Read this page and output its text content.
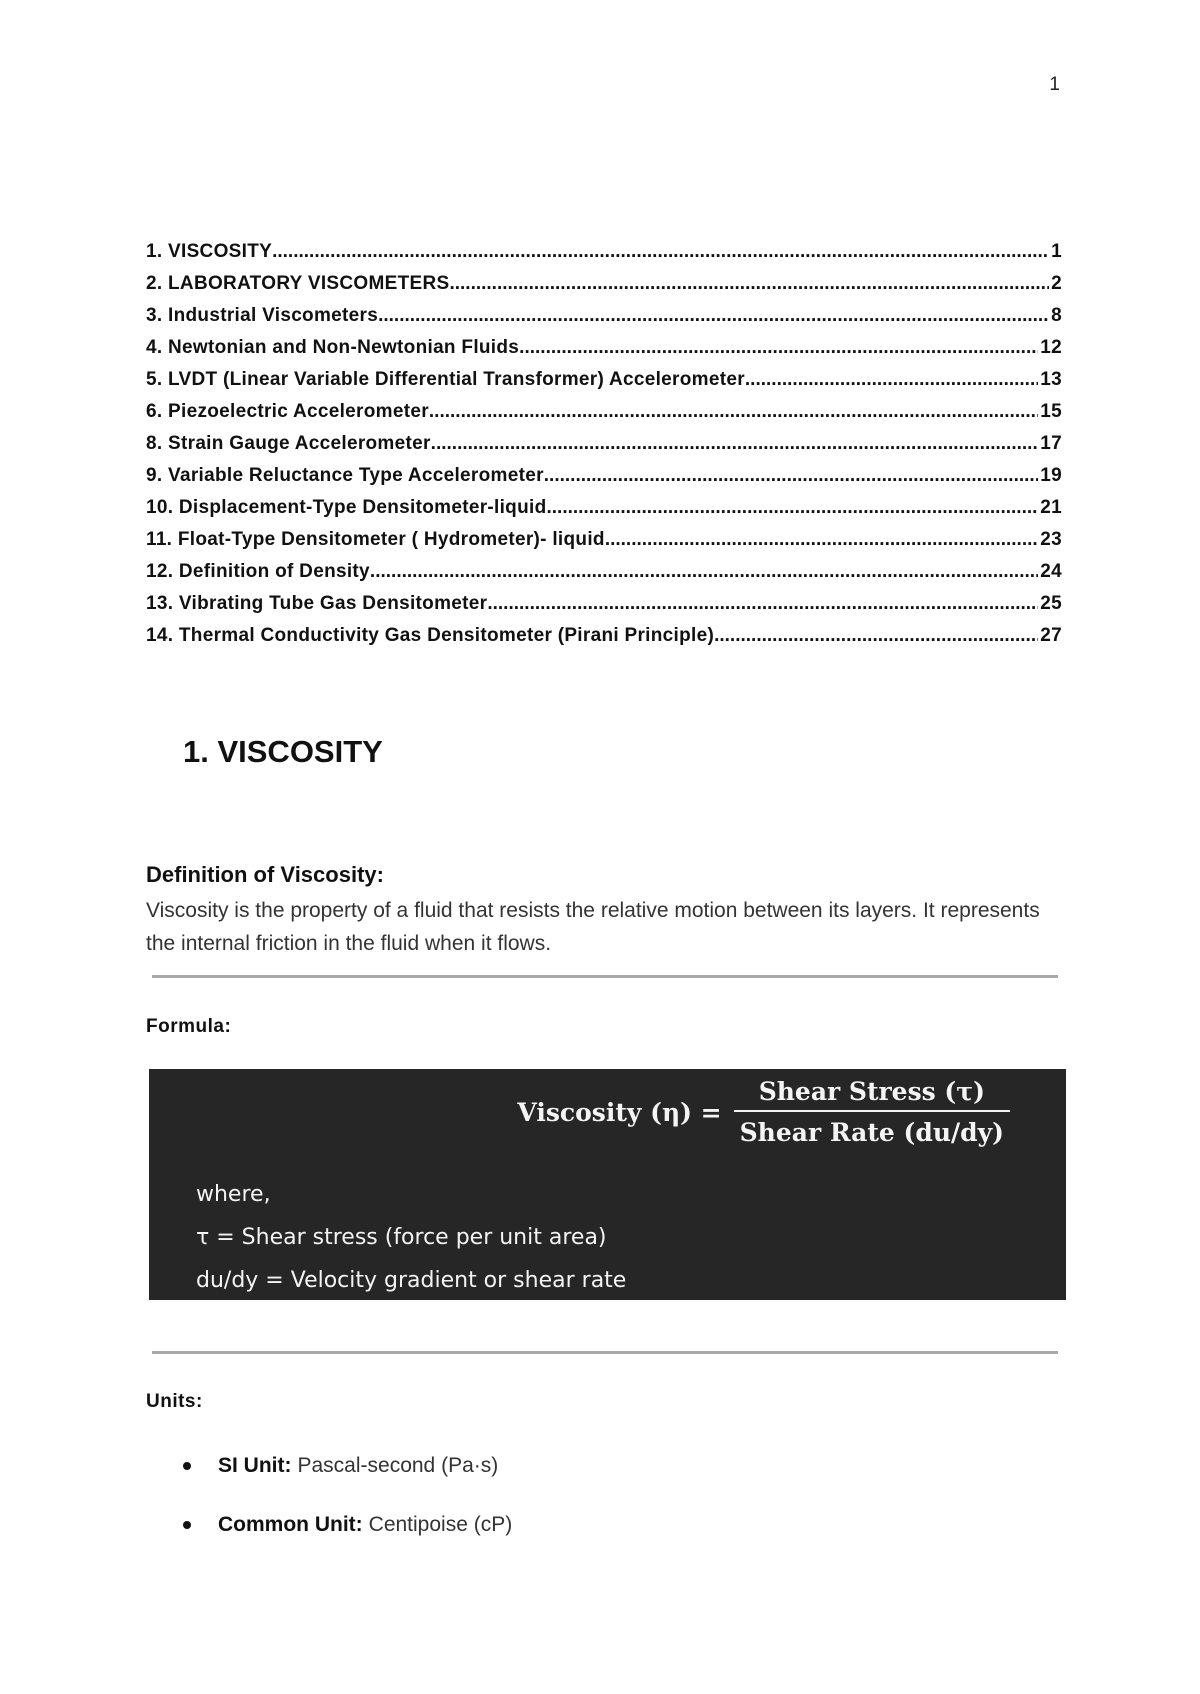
1
1. VISCOSITY .....	1
2. LABORATORY VISCOMETERS .....	2
3. Industrial Viscometers .....	8
4. Newtonian and Non-Newtonian Fluids .....	12
5. LVDT (Linear Variable Differential Transformer) Accelerometer .....	13
6. Piezoelectric Accelerometer .....	15
8. Strain Gauge Accelerometer .....	17
9. Variable Reluctance Type Accelerometer .....	19
10. Displacement-Type Densitometer-liquid .....	21
11. Float-Type Densitometer ( Hydrometer)- liquid .....	23
12. Definition of Density .....	24
13. Vibrating Tube Gas Densitometer .....	25
14. Thermal Conductivity Gas Densitometer (Pirani Principle) .....	27
1. VISCOSITY
Definition of Viscosity:
Viscosity is the property of a fluid that resists the relative motion between its layers. It represents the internal friction in the fluid when it flows.
Formula:
Viscosity $(\eta) = \frac{\text{Shear Stress (τ)}}{\text{Shear Rate (du/dy)}}$
where,
τ = Shear stress (force per unit area)
du/dy = Velocity gradient or shear rate
Units:
SI Unit: Pascal-second (Pa·s)
Common Unit: Centipoise (cP)
